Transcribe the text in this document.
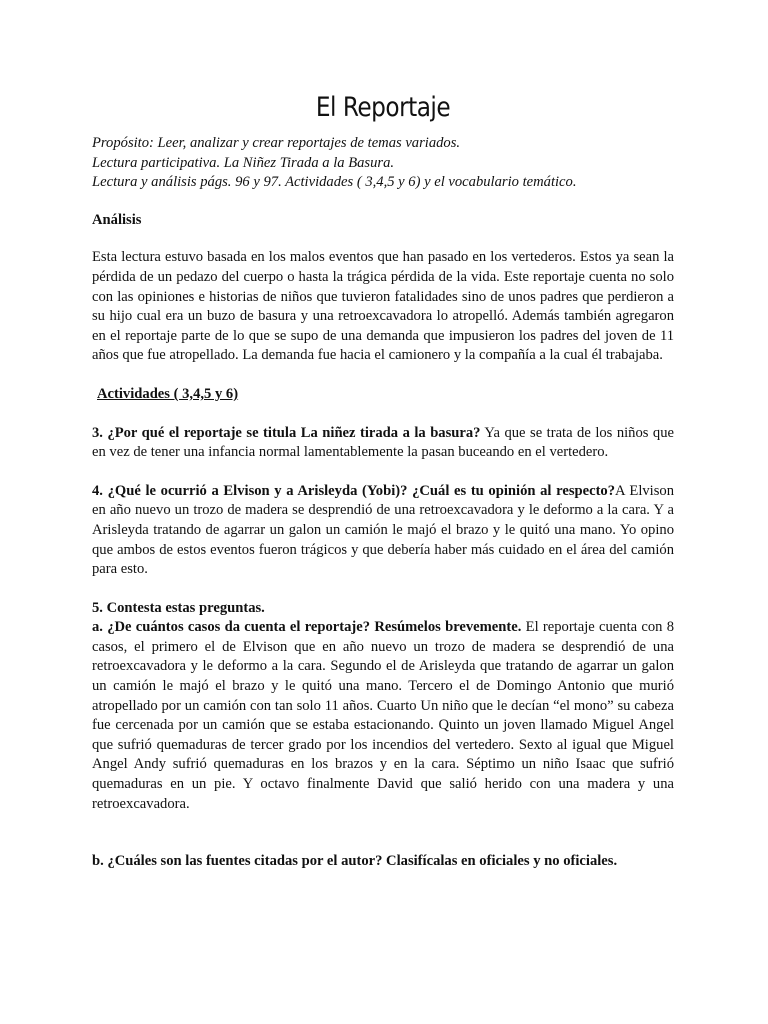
El Reportaje

Propósito: Leer, analizar y crear reportajes de temas variados.

Lectura participativa. La Niñez Tirada a la Basura.

Lectura y análisis págs. 96 y 97. Actividades ( 3,4,5 y 6) y el vocabulario temático.

Análisis

Esta lectura estuvo basada en los malos eventos que han pasado en los vertederos. Estos ya sean la pérdida de un pedazo del cuerpo o hasta la trágica pérdida de la vida. Este reportaje cuenta no solo con las opiniones e historias de niños que tuvieron fatalidades sino de unos padres que perdieron a su hijo cual era un buzo de basura y una retroexcavadora lo atropelló. Además también agregaron en el reportaje parte de lo que se supo de una demanda que impusieron los padres del joven de 11 años que fue atropellado. La demanda fue hacia el camionero y la compañía a la cual él trabajaba.

Actividades ( 3,4,5 y 6)

3. ¿Por qué el reportaje se titula La niñez tirada a la basura? Ya que se trata de los niños que en vez de tener una infancia normal lamentablemente la pasan buceando en el vertedero.

4. ¿Qué le ocurrió a Elvison y a Arisleyda (Yobi)? ¿Cuál es tu opinión al respecto?A Elvison en año nuevo un trozo de madera se desprendió de una retroexcavadora y le deformo a la cara. Y a Arisleyda tratando de agarrar un galon un camión le majó el brazo y le quitó una mano. Yo opino que ambos de estos eventos fueron trágicos y que debería haber más cuidado en el área del camión para esto.

5. Contesta estas preguntas.

a. ¿De cuántos casos da cuenta el reportaje? Resúmelos brevemente. El reportaje cuenta con 8 casos, el primero el de Elvison que en año nuevo un trozo de madera se desprendió de una retroexcavadora y le deformo a la cara. Segundo el de Arisleyda que tratando de agarrar un galon un camión le majó el brazo y le quitó una mano. Tercero el de Domingo Antonio que murió atropellado por un camión con tan solo 11 años. Cuarto Un niño que le decían “el mono” su cabeza fue cercenada por un camión que se estaba estacionando. Quinto un joven llamado Miguel Angel que sufrió quemaduras de tercer grado por los incendios del vertedero. Sexto al igual que Miguel Angel Andy sufrió quemaduras en los brazos y en la cara. Séptimo un niño Isaac que sufrió quemaduras en un pie. Y octavo finalmente David que salió herido con una madera y una retroexcavadora.

b. ¿Cuáles son las fuentes citadas por el autor? Clasifícalas en oficiales y no oficiales.
